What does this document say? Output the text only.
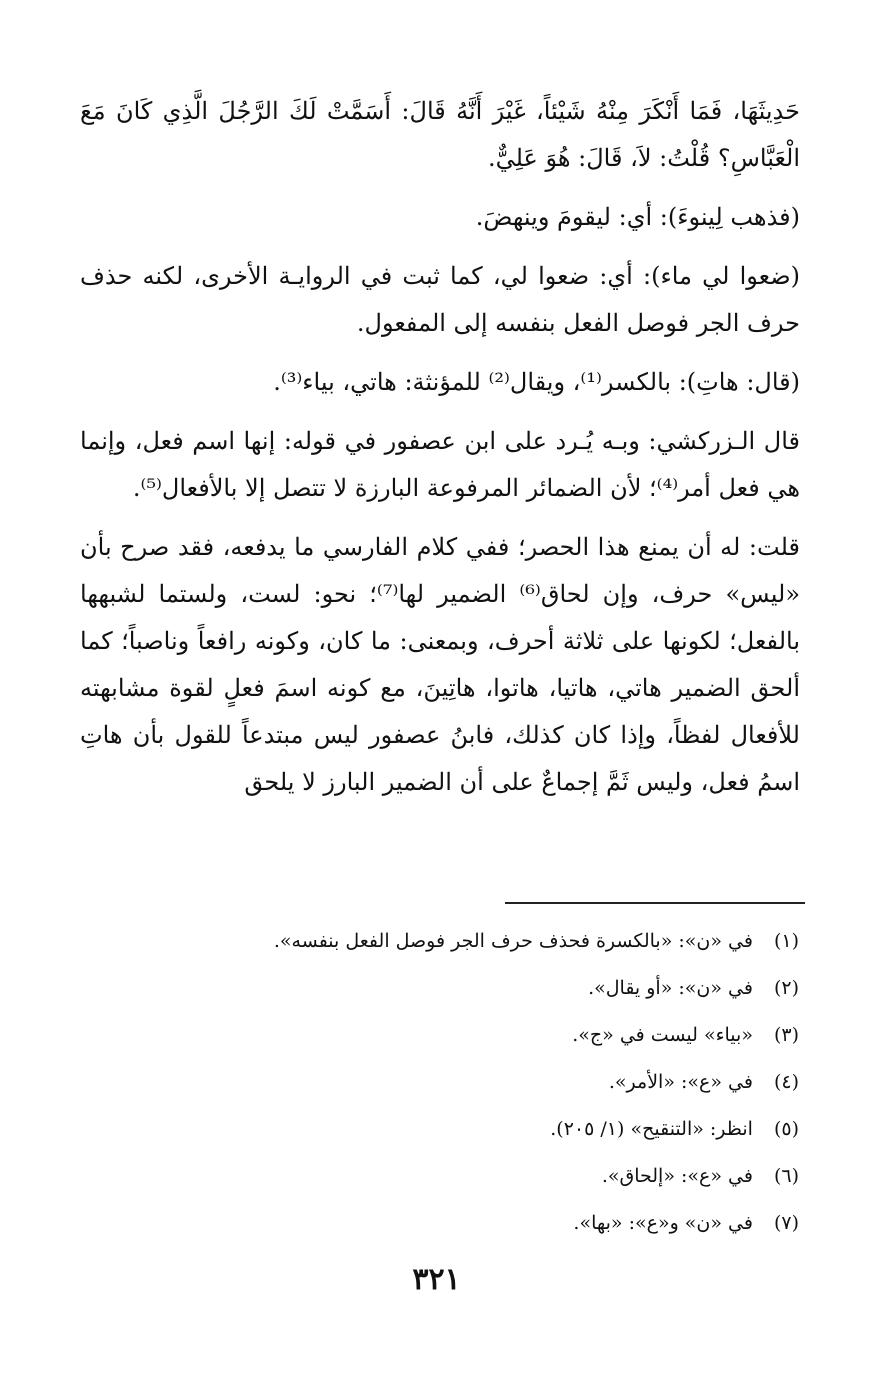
حَدِيثَهَا، فَمَا أَنْكَرَ مِنْهُ شَيْئاً، غَيْرَ أَنَّهُ قَالَ: أَسَمَّتْ لَكَ الرَّجُلَ الَّذِي كَانَ مَعَ الْعَبَّاسِ؟ قُلْتُ: لاَ، قَالَ: هُوَ عَلِيٌّ.

(فذهب لِينوءَ): أي: ليقومَ وينهضَ.

(ضعوا لي ماء): أي: ضعوا لي، كما ثبت في الروايـة الأخرى، لكنه حذف حرف الجر فوصل الفعل بنفسه إلى المفعول.

(قال: هاتِ): بالكسر⁽¹⁾، ويقال⁽²⁾ للمؤنثة: هاتي، بياء⁽³⁾.

قال الـزركشي: وبـه يُـرد على ابن عصفور في قوله: إنها اسم فعل، وإنما هي فعل أمر⁽⁴⁾؛ لأن الضمائر المرفوعة البارزة لا تتصل إلا بالأفعال⁽⁵⁾.

قلت: له أن يمنع هذا الحصر؛ ففي كلام الفارسي ما يدفعه، فقد صرح بأن «ليس» حرف، وإن لحاق⁽⁶⁾ الضمير لها⁽⁷⁾؛ نحو: لست، ولستما لشبهها بالفعل؛ لكونها على ثلاثة أحرف، وبمعنى: ما كان، وكونه رافعاً وناصباً؛ كما ألحق الضمير هاتي، هاتيا، هاتوا، هاتِينَ، مع كونه اسمَ فعلٍ لقوة مشابهته للأفعال لفظاً، وإذا كان كذلك، فابنُ عصفور ليس مبتدعاً للقول بأن هاتِ اسمُ فعل، وليس ثَمَّ إجماعٌ على أن الضمير البارز لا يلحق

(١) في «ن»: «بالكسرة فحذف حرف الجر فوصل الفعل بنفسه».
(٢) في «ن»: «أو يقال».
(٣) «بياء» ليست في «ج».
(٤) في «ع»: «الأمر».
(٥) انظر: «التنقيح» (١/ ٢٠٥).
(٦) في «ع»: «إلحاق».
(٧) في «ن» و«ع»: «بها».
٣٢١
